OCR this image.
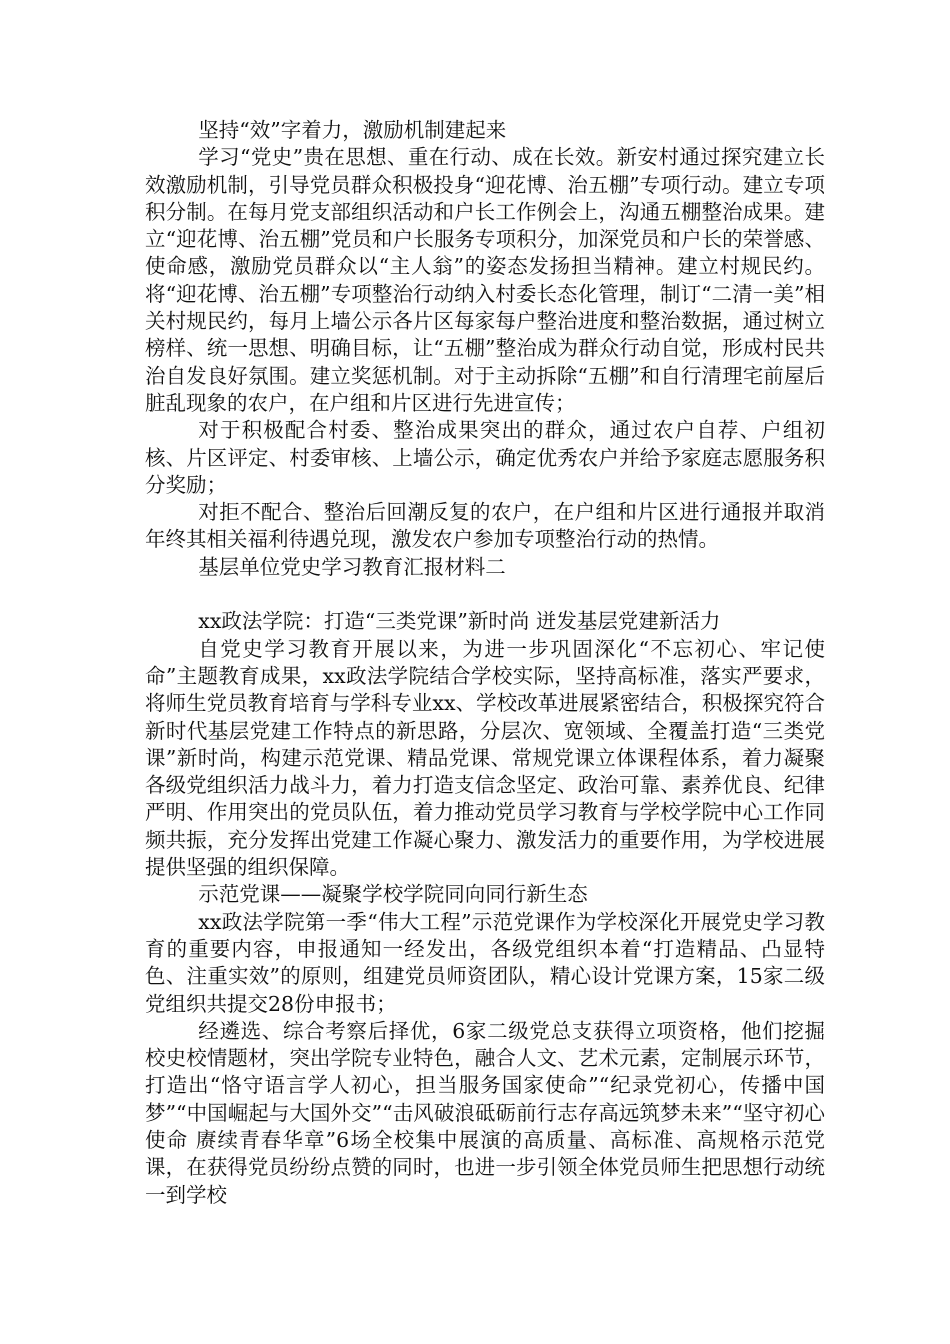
坚持“效”字着力，激励机制建起来

学习“党史”贵在思想、重在行动、成在长效。新安村通过探究建立长效激励机制，引导党员群众积极投身“迎花博、治五棚”专项行动。建立专项积分制。在每月党支部组织活动和户长工作例会上，沟通五棚整治成果。建立“迎花博、治五棚”党员和户长服务专项积分，加深党员和户长的荣誉感、使命感，激励党员群众以“主人翁”的姿态发扬担当精神。建立村规民约。将“迎花博、治五棚”专项整治行动纳入村委长态化管理，制订“二清一美”相关村规民约，每月上墙公示各片区每家每户整治进度和整治数据，通过树立榜样、统一思想、明确目标，让“五棚”整治成为群众行动自觉，形成村民共治自发良好氛围。建立奖惩机制。对于主动拆除“五棚”和自行清理宅前屋后脏乱现象的农户，在户组和片区进行先进宣传；

对于积极配合村委、整治成果突出的群众，通过农户自荐、户组初核、片区评定、村委审核、上墙公示，确定优秀农户并给予家庭志愿服务积分奖励；

对拒不配合、整治后回潮反复的农户，在户组和片区进行通报并取消年终其相关福利待遇兑现，激发农户参加专项整治行动的热情。

基层单位党史学习教育汇报材料二

xx政法学院：打造“三类党课”新时尚 迸发基层党建新活力

自党史学习教育开展以来，为进一步巩固深化“不忘初心、牢记使命”主题教育成果，xx政法学院结合学校实际，坚持高标准，落实严要求，将师生党员教育培育与学科专业xx、学校改革进展紧密结合，积极探究符合新时代基层党建工作特点的新思路，分层次、宽领域、全覆盖打造“三类党课”新时尚，构建示范党课、精品党课、常规党课立体课程体系，着力凝聚各级党组织活力战斗力，着力打造支信念坚定、政治可靠、素养优良、纪律严明、作用突出的党员队伍，着力推动党员学习教育与学校学院中心工作同频共振，充分发挥出党建工作凝心聚力、激发活力的重要作用，为学校进展提供坚强的组织保障。

示范党课——凝聚学校学院同向同行新生态

xx政法学院第一季“伟大工程”示范党课作为学校深化开展党史学习教育的重要内容，申报通知一经发出，各级党组织本着“打造精品、凸显特色、注重实效”的原则，组建党员师资团队，精心设计党课方案，15家二级党组织共提交28份申报书；

经遴选、综合考察后择优，6家二级党总支获得立项资格，他们挖掘校史校情题材，突出学院专业特色，融合人文、艺术元素，定制展示环节，打造出“恪守语言学人初心，担当服务国家使命”“纪录党初心，传播中国梦”“中国崛起与大国外交”“击风破浪砥砺前行志存高远筑梦未来”“坚守初心使命 赓续青春华章”6场全校集中展演的高质量、高标准、高规格示范党课，在获得党员纷纷点赞的同时，也进一步引领全体党员师生把思想行动统一到学校
